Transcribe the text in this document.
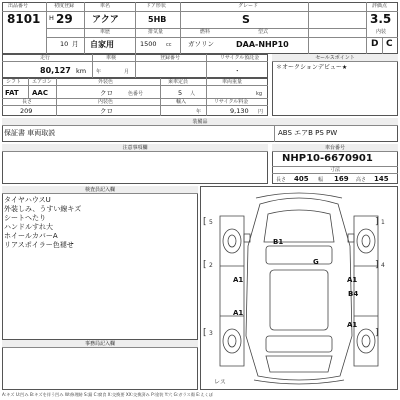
出品番号
8101
初度登録
H 29
10 月
車名
アクア
車歴
自家用
排気量
1500 cc
ドア形状
5HB
グレード
S
燃料
ガソリン
型式
DAA-NHP10
評価点
3.5
内装
D C
走行
80,127 km
車検
年	月
登録番号	リサイクル預託金
・
セールスポイント
＊オークションデビュー★
シフト
FAT
エアコン
AAC
外装色
クロ	色番号
乗車定員
5 人
車両重量
kg
長さ
209
内装色
クロ
輸入
年
リサイクル料金
9,130 円
装備品
保証書 車両取説	ABS エアB PS PW
注意事項欄	車台番号
NHP10-6670901
寸法
長さ 405 幅 169 高さ 145
検査員記入欄
タイヤハウスU
外装しみ、うすい線キズ
シートへたり
ハンドルすれ大
ホイールカバーA
リアスポイラー色褪せ
事務局記入欄
B1
G
A1	A1
B4
A1
A1
[ 5	] 1
[ 2	] 4
[ 3	]
レス
A:キズ U:凹み B:キズを伴う凹み W:修理跡 S:錆 C:腐食 X:交換要 XX:交換済み P:塗装 Y:穴 G:ガラス傷 E:えくぼ
